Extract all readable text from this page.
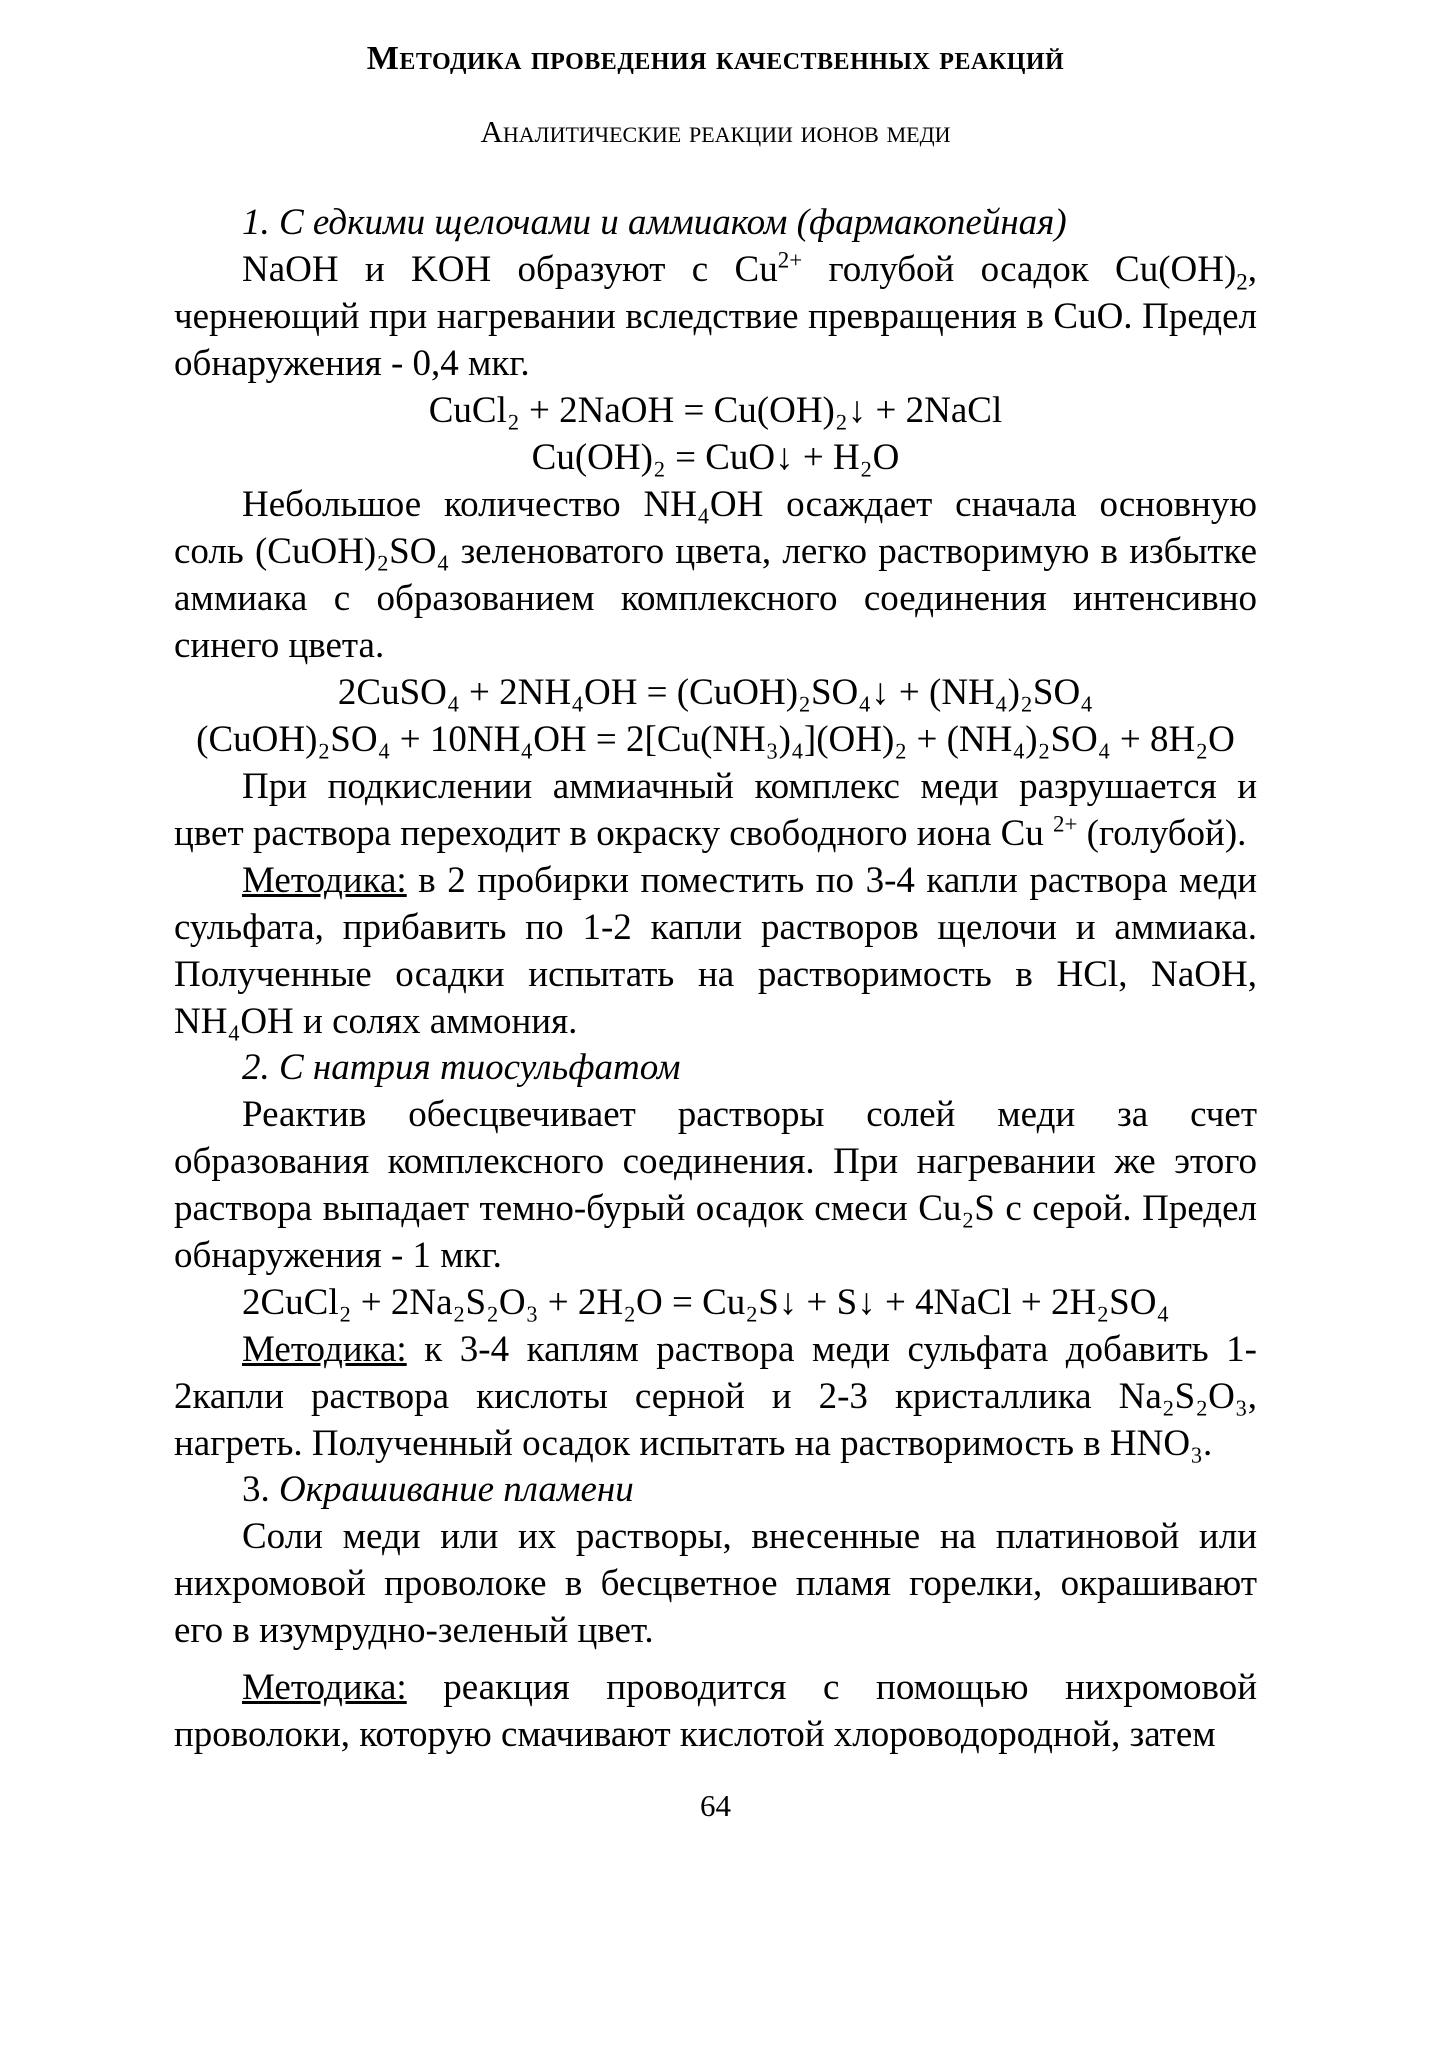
Методика проведения качественных реакций
Аналитические реакции ионов меди
1. С едкими щелочами и аммиаком (фармакопейная)

NaOH и KOH образуют с $Cu^{2+}$ голубой осадок $Cu(OH)_2$, чернеющий при нагревании вследствие превращения в CuO. Предел обнаружения - 0,4 мкг.

CuCl₂ + 2NaOH = Cu(OH)₂↓ + 2NaCl
Cu(OH)₂ = CuO↓ + H₂O

Небольшое количество NH₄OH осаждает сначала основную соль (CuOH)₂SO₄ зеленоватого цвета, легко растворимую в избытке аммиака с образованием комплексного соединения интенсивно синего цвета.

2CuSO₄ + 2NH₄OH = (CuOH)₂SO₄↓ + (NH₄)₂SO₄
(CuOH)₂SO₄ + 10NH₄OH = 2[Cu(NH₃)₄](OH)₂ + (NH₄)₂SO₄ + 8H₂O

При подкислении аммиачный комплекс меди разрушается и цвет раствора переходит в окраску свободного иона Cu $^{2+}$ (голубой).

Методика: в 2 пробирки поместить по 3-4 капли раствора меди сульфата, прибавить по 1-2 капли растворов щелочи и аммиака. Полученные осадки испытать на растворимость в HCl, NaOH, NH₄OH и солях аммония.

2. С натрия тиосульфатом

Реактив обесцвечивает растворы солей меди за счет образования комплексного соединения. При нагревании же этого раствора выпадает темно-бурый осадок смеси Cu₂S с серой. Предел обнаружения - 1 мкг.

2CuCl₂ + 2Na₂S₂O₃ + 2H₂O = Cu₂S↓ + S↓ + 4NaCl + 2H₂SO₄

Методика: к 3-4 каплям раствора меди сульфата добавить 1-2капли раствора кислоты серной и 2-3 кристаллика Na₂S₂O₃, нагреть. Полученный осадок испытать на растворимость в HNO₃.

3. Окрашивание пламени

Соли меди или их растворы, внесенные на платиновой или нихромовой проволоке в бесцветное пламя горелки, окрашивают его в изумрудно-зеленый цвет.

Методика: реакция проводится с помощью нихромовой проволоки, которую смачивают кислотой хлороводородной, затем

64
